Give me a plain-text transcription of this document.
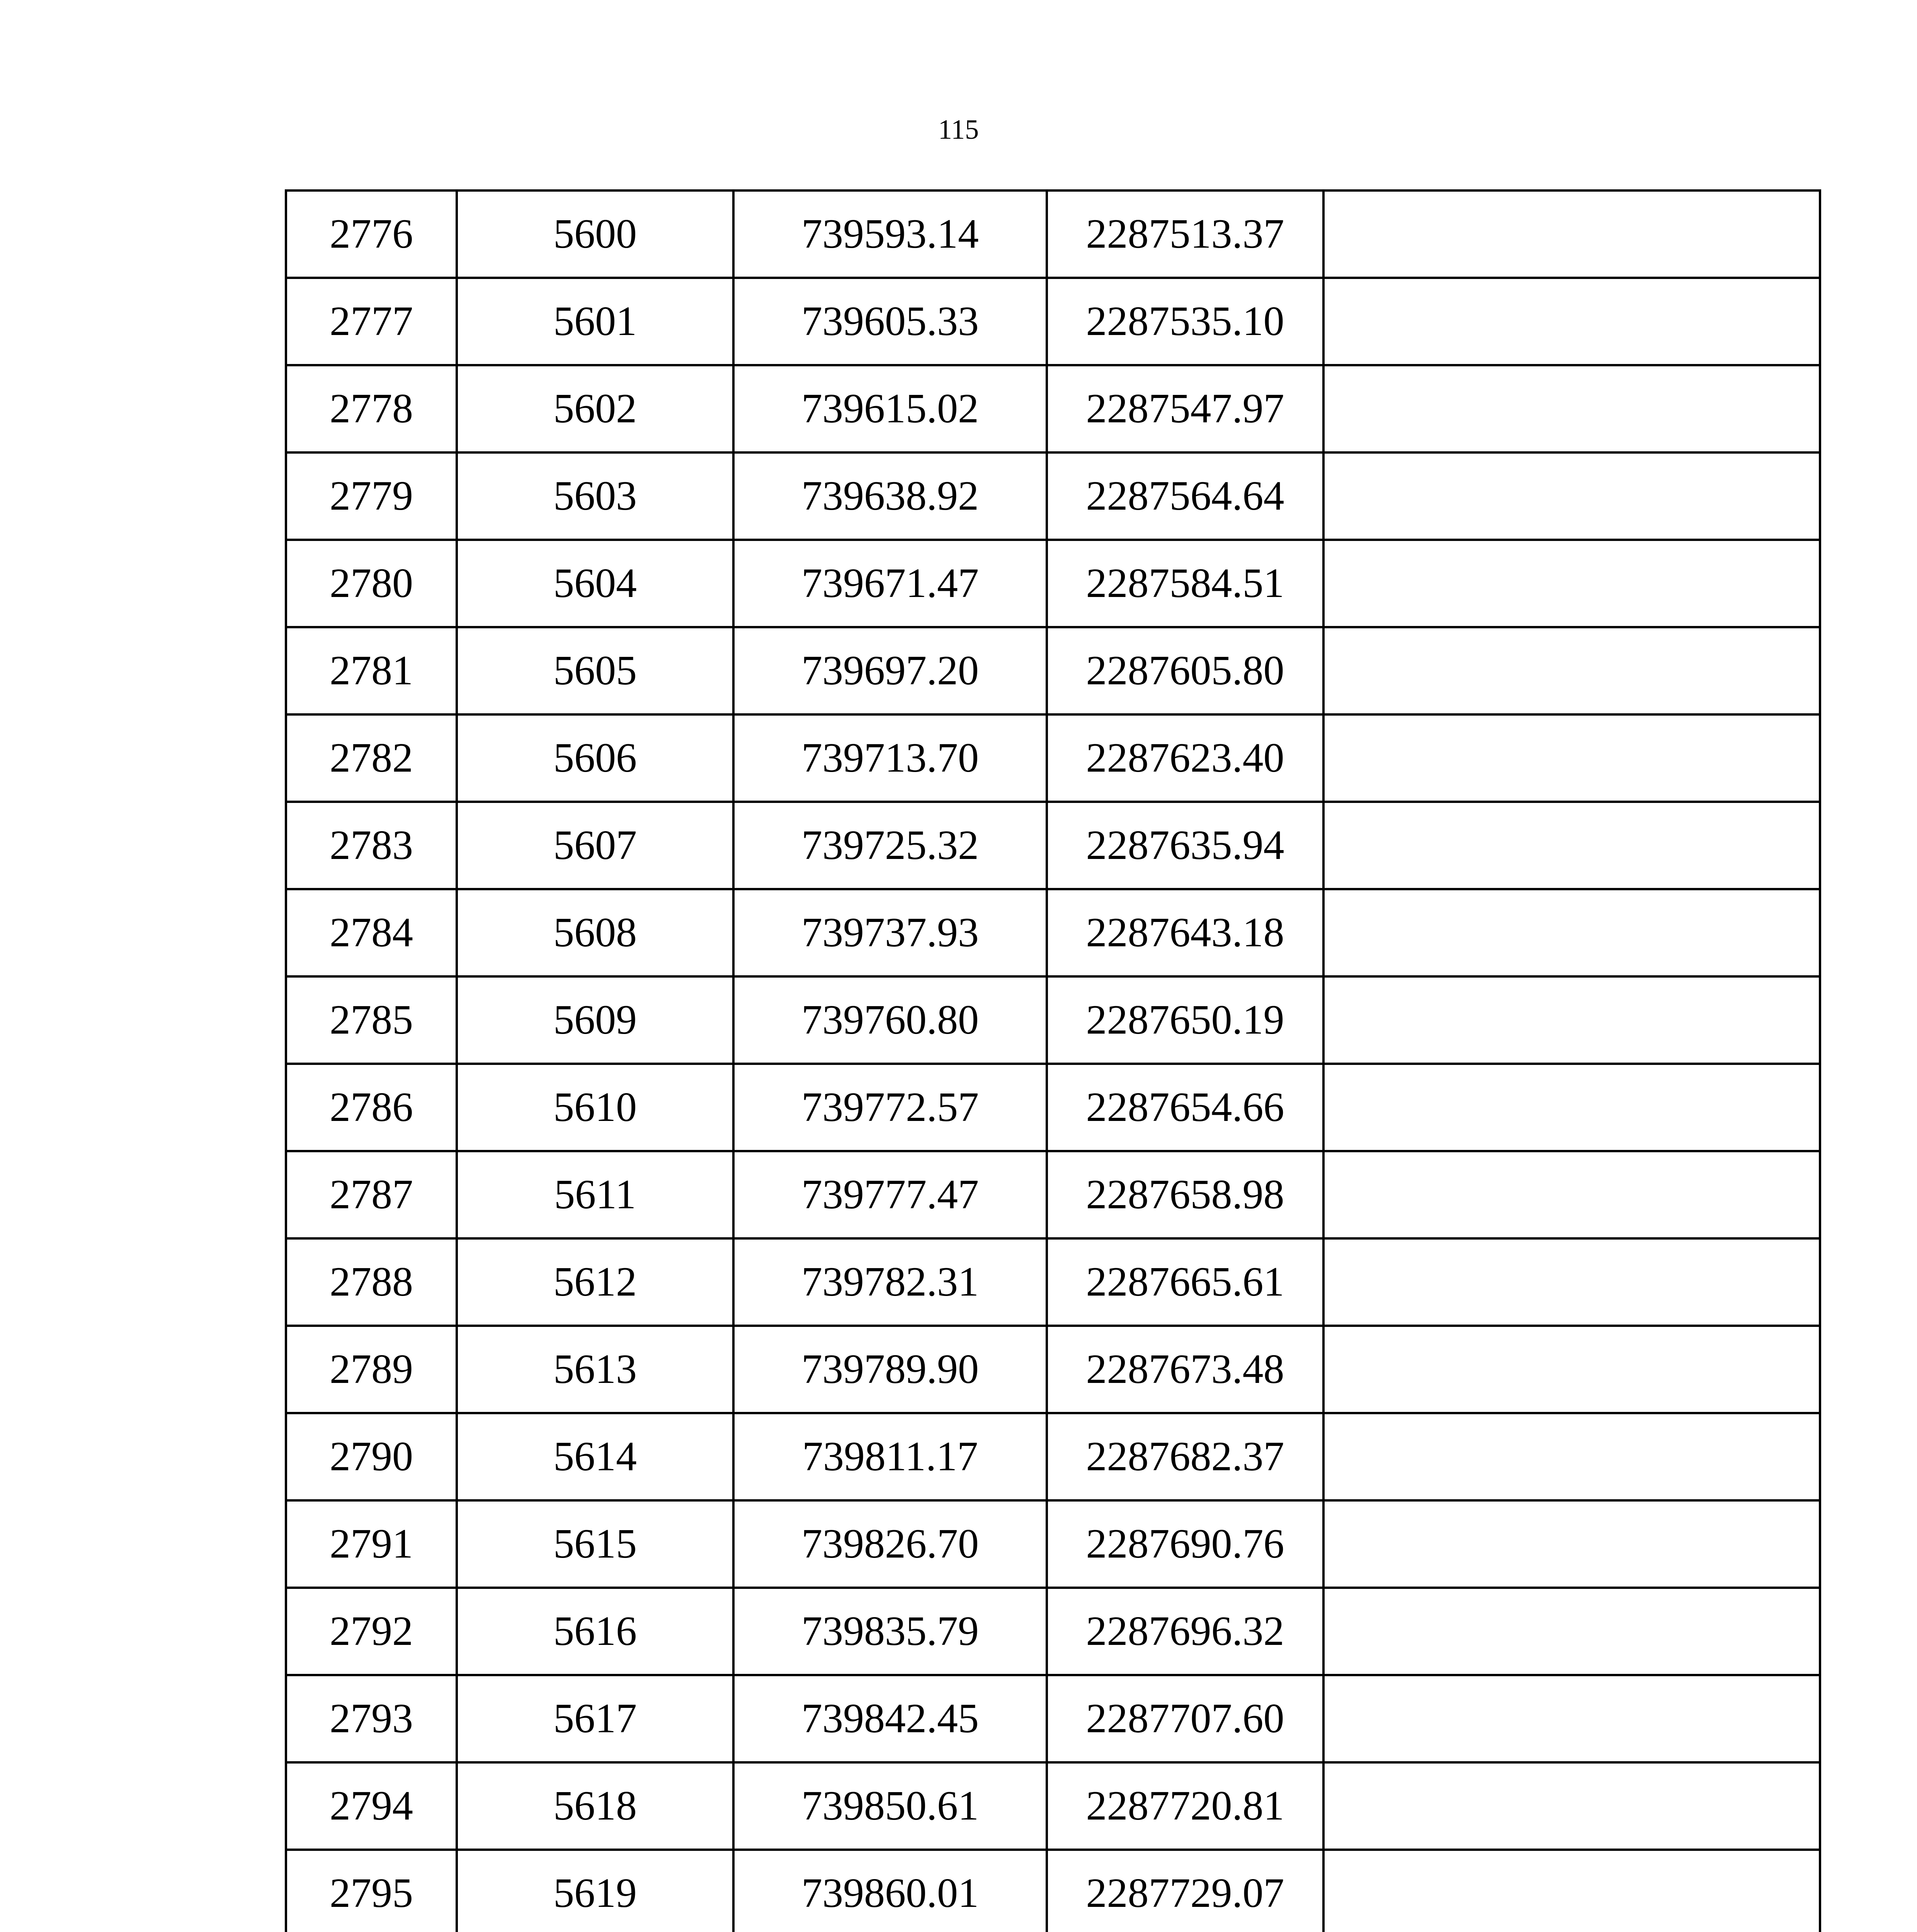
115
2776	5600	739593.14	2287513.37	
2777	5601	739605.33	2287535.10	
2778	5602	739615.02	2287547.97	
2779	5603	739638.92	2287564.64	
2780	5604	739671.47	2287584.51	
2781	5605	739697.20	2287605.80	
2782	5606	739713.70	2287623.40	
2783	5607	739725.32	2287635.94	
2784	5608	739737.93	2287643.18	
2785	5609	739760.80	2287650.19	
2786	5610	739772.57	2287654.66	
2787	5611	739777.47	2287658.98	
2788	5612	739782.31	2287665.61	
2789	5613	739789.90	2287673.48	
2790	5614	739811.17	2287682.37	
2791	5615	739826.70	2287690.76	
2792	5616	739835.79	2287696.32	
2793	5617	739842.45	2287707.60	
2794	5618	739850.61	2287720.81	
2795	5619	739860.01	2287729.07	
